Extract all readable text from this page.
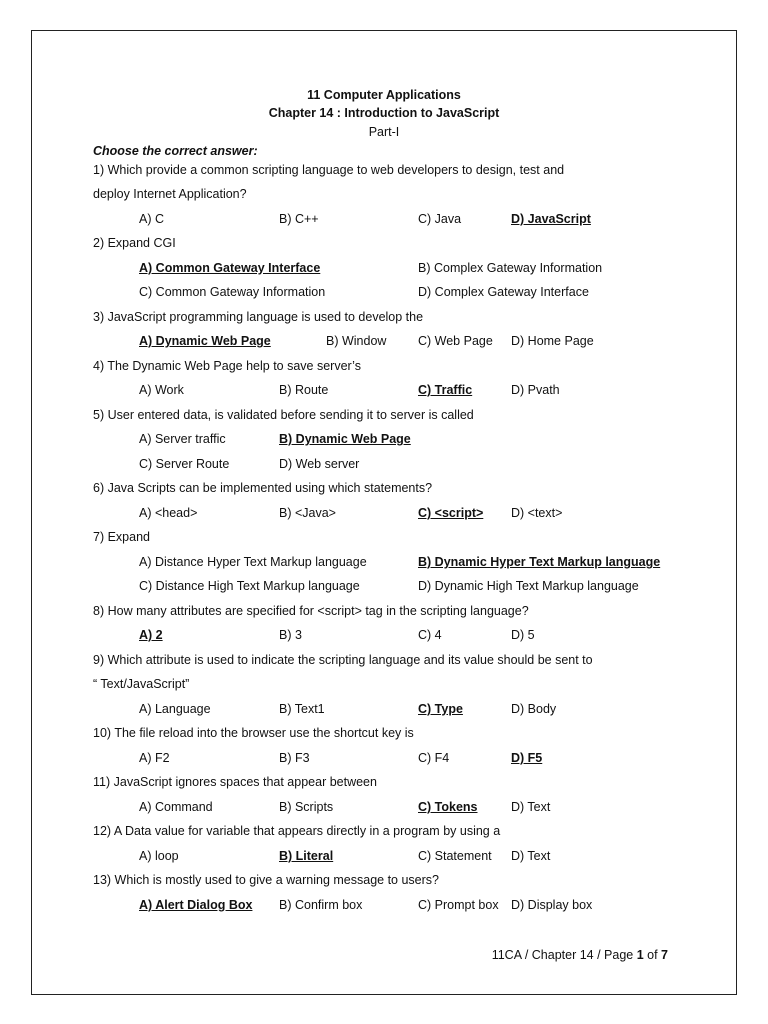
11 Computer Applications
Chapter 14 : Introduction to JavaScript
Part-I
Choose the correct answer:
1) Which provide a common scripting language to web developers to design, test and
deploy Internet Application?
A) C	B) C++	C) Java	D) JavaScript
2) Expand CGI
A) Common Gateway Interface	B) Complex Gateway Information
C) Common Gateway Information	D) Complex Gateway Interface
3) JavaScript programming language is used to develop the
A) Dynamic Web Page	B) Window	C) Web Page D) Home Page
4) The Dynamic Web Page help to save server’s
A) Work	B) Route	C) Traffic	D) Pvath
5) User entered data, is validated before sending it to server is called
A) Server traffic	B) Dynamic Web Page
C) Server Route	D) Web server
6) Java Scripts can be implemented using which statements?
A) <head>	B) <Java>	C) <script> D) <text>
7) Expand
A) Distance Hyper Text Markup language	B) Dynamic Hyper Text Markup language
C) Distance High Text Markup language	D) Dynamic High Text Markup language
8) How many attributes are specified for <script> tag in the scripting language?
A) 2	B) 3	C) 4	D) 5
9) Which attribute is used to indicate the scripting language and its value should be sent to
“ Text/JavaScript”
A) Language	B) Text1	C) Type	D) Body
10) The file reload into the browser use the shortcut key is
A) F2	B) F3	C) F4	D) F5
11) JavaScript ignores spaces that appear between
A) Command	B) Scripts	C) Tokens	D) Text
12) A Data value for variable that appears directly in a program by using a
A) loop	B) Literal	C) Statement D) Text
13) Which is mostly used to give a warning message to users?
A) Alert Dialog Box B) Confirm box	C) Prompt box D) Display box
11CA / Chapter 14 / Page 1 of 7
